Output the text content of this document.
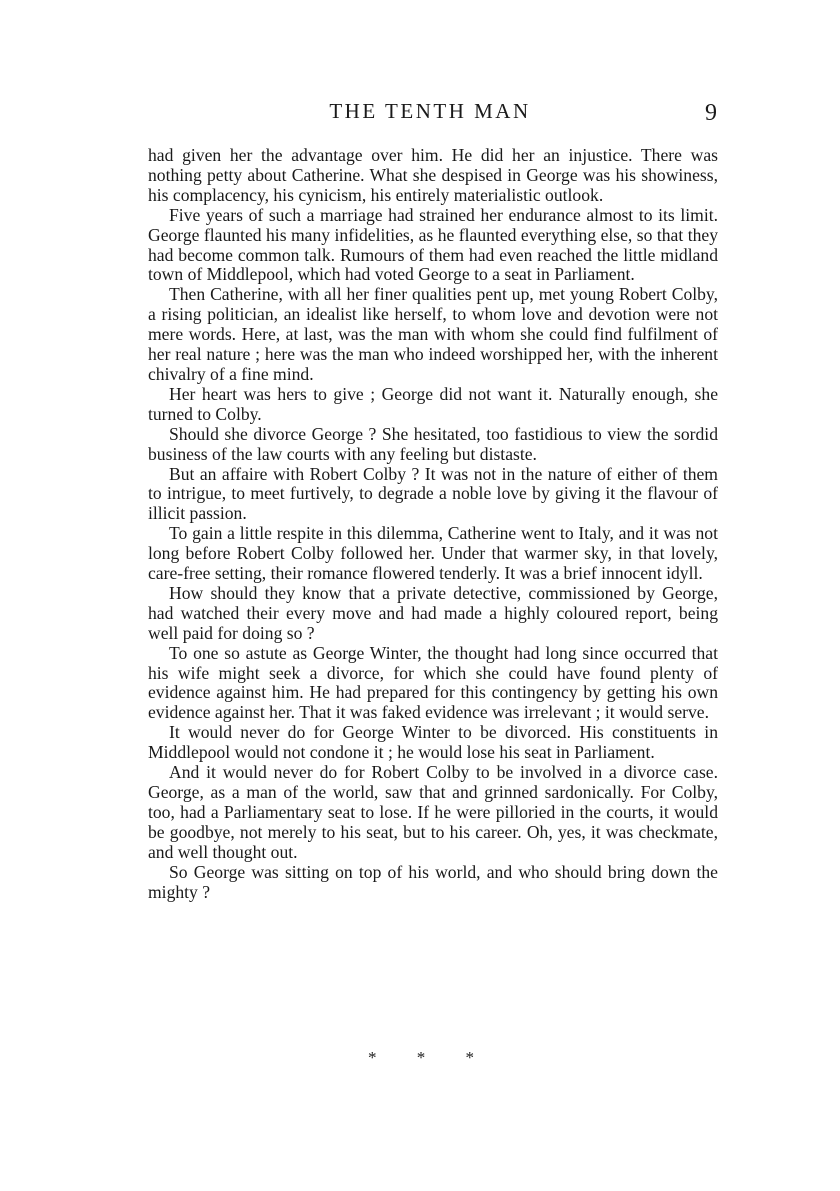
THE TENTH MAN	9

had given her the advantage over him. He did her an injustice. There was nothing petty about Catherine. What she despised in George was his showiness, his complacency, his cynicism, his entirely materialistic outlook.

Five years of such a marriage had strained her endurance almost to its limit. George flaunted his many infidelities, as he flaunted everything else, so that they had become common talk. Rumours of them had even reached the little midland town of Middlepool, which had voted George to a seat in Parliament.

Then Catherine, with all her finer qualities pent up, met young Robert Colby, a rising politician, an idealist like herself, to whom love and devotion were not mere words. Here, at last, was the man with whom she could find fulfilment of her real nature ; here was the man who indeed worshipped her, with the inherent chivalry of a fine mind.

Her heart was hers to give ; George did not want it. Naturally enough, she turned to Colby.

Should she divorce George ? She hesitated, too fastidious to view the sordid business of the law courts with any feeling but distaste.

But an affaire with Robert Colby ? It was not in the nature of either of them to intrigue, to meet furtively, to degrade a noble love by giving it the flavour of illicit passion.

To gain a little respite in this dilemma, Catherine went to Italy, and it was not long before Robert Colby followed her. Under that warmer sky, in that lovely, care-free setting, their romance flowered tenderly. It was a brief innocent idyll.

How should they know that a private detective, commissioned by George, had watched their every move and had made a highly coloured report, being well paid for doing so ?

To one so astute as George Winter, the thought had long since occurred that his wife might seek a divorce, for which she could have found plenty of evidence against him. He had prepared for this contingency by getting his own evidence against her. That it was faked evidence was irrelevant ; it would serve.

It would never do for George Winter to be divorced. His constituents in Middlepool would not condone it ; he would lose his seat in Parliament.

And it would never do for Robert Colby to be involved in a divorce case. George, as a man of the world, saw that and grinned sardonically. For Colby, too, had a Parliamentary seat to lose. If he were pilloried in the courts, it would be goodbye, not merely to his seat, but to his career. Oh, yes, it was checkmate, and well thought out.

So George was sitting on top of his world, and who should bring down the mighty ?

* * *
